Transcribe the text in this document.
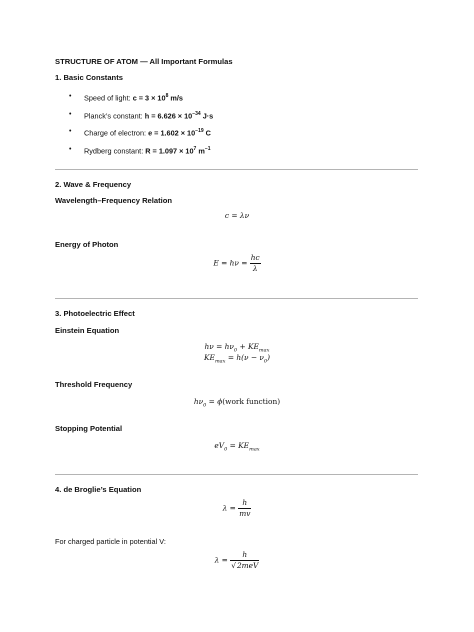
STRUCTURE OF ATOM — All Important Formulas
1. Basic Constants
• Speed of light: $c = 3 \times 10^8$ m/s
• Planck’s constant: $h = 6.626 \times 10^{-34}$ J·s
• Charge of electron: $e = 1.602 \times 10^{-19}$ C
• Rydberg constant: $R = 1.097 \times 10^7$ $m^{-1}$
2. Wave & Frequency
Wavelength–Frequency Relation
c = λν
Energy of Photon
$E = h\nu = \frac{hc}{\lambda}$
3. Photoelectric Effect
Einstein Equation
$h\nu = h\nu_0 + KE_{max}$
$KE_{max} = h(\nu - \nu_0)$
Threshold Frequency
$h\nu_0$ = ϕ(work function)
Stopping Potential
$eV_0 = KE_{max}$
4. de Broglie’s Equation
$\lambda = \frac{h}{mv}$
For charged particle in potential V:
λ =
h
√2meV
